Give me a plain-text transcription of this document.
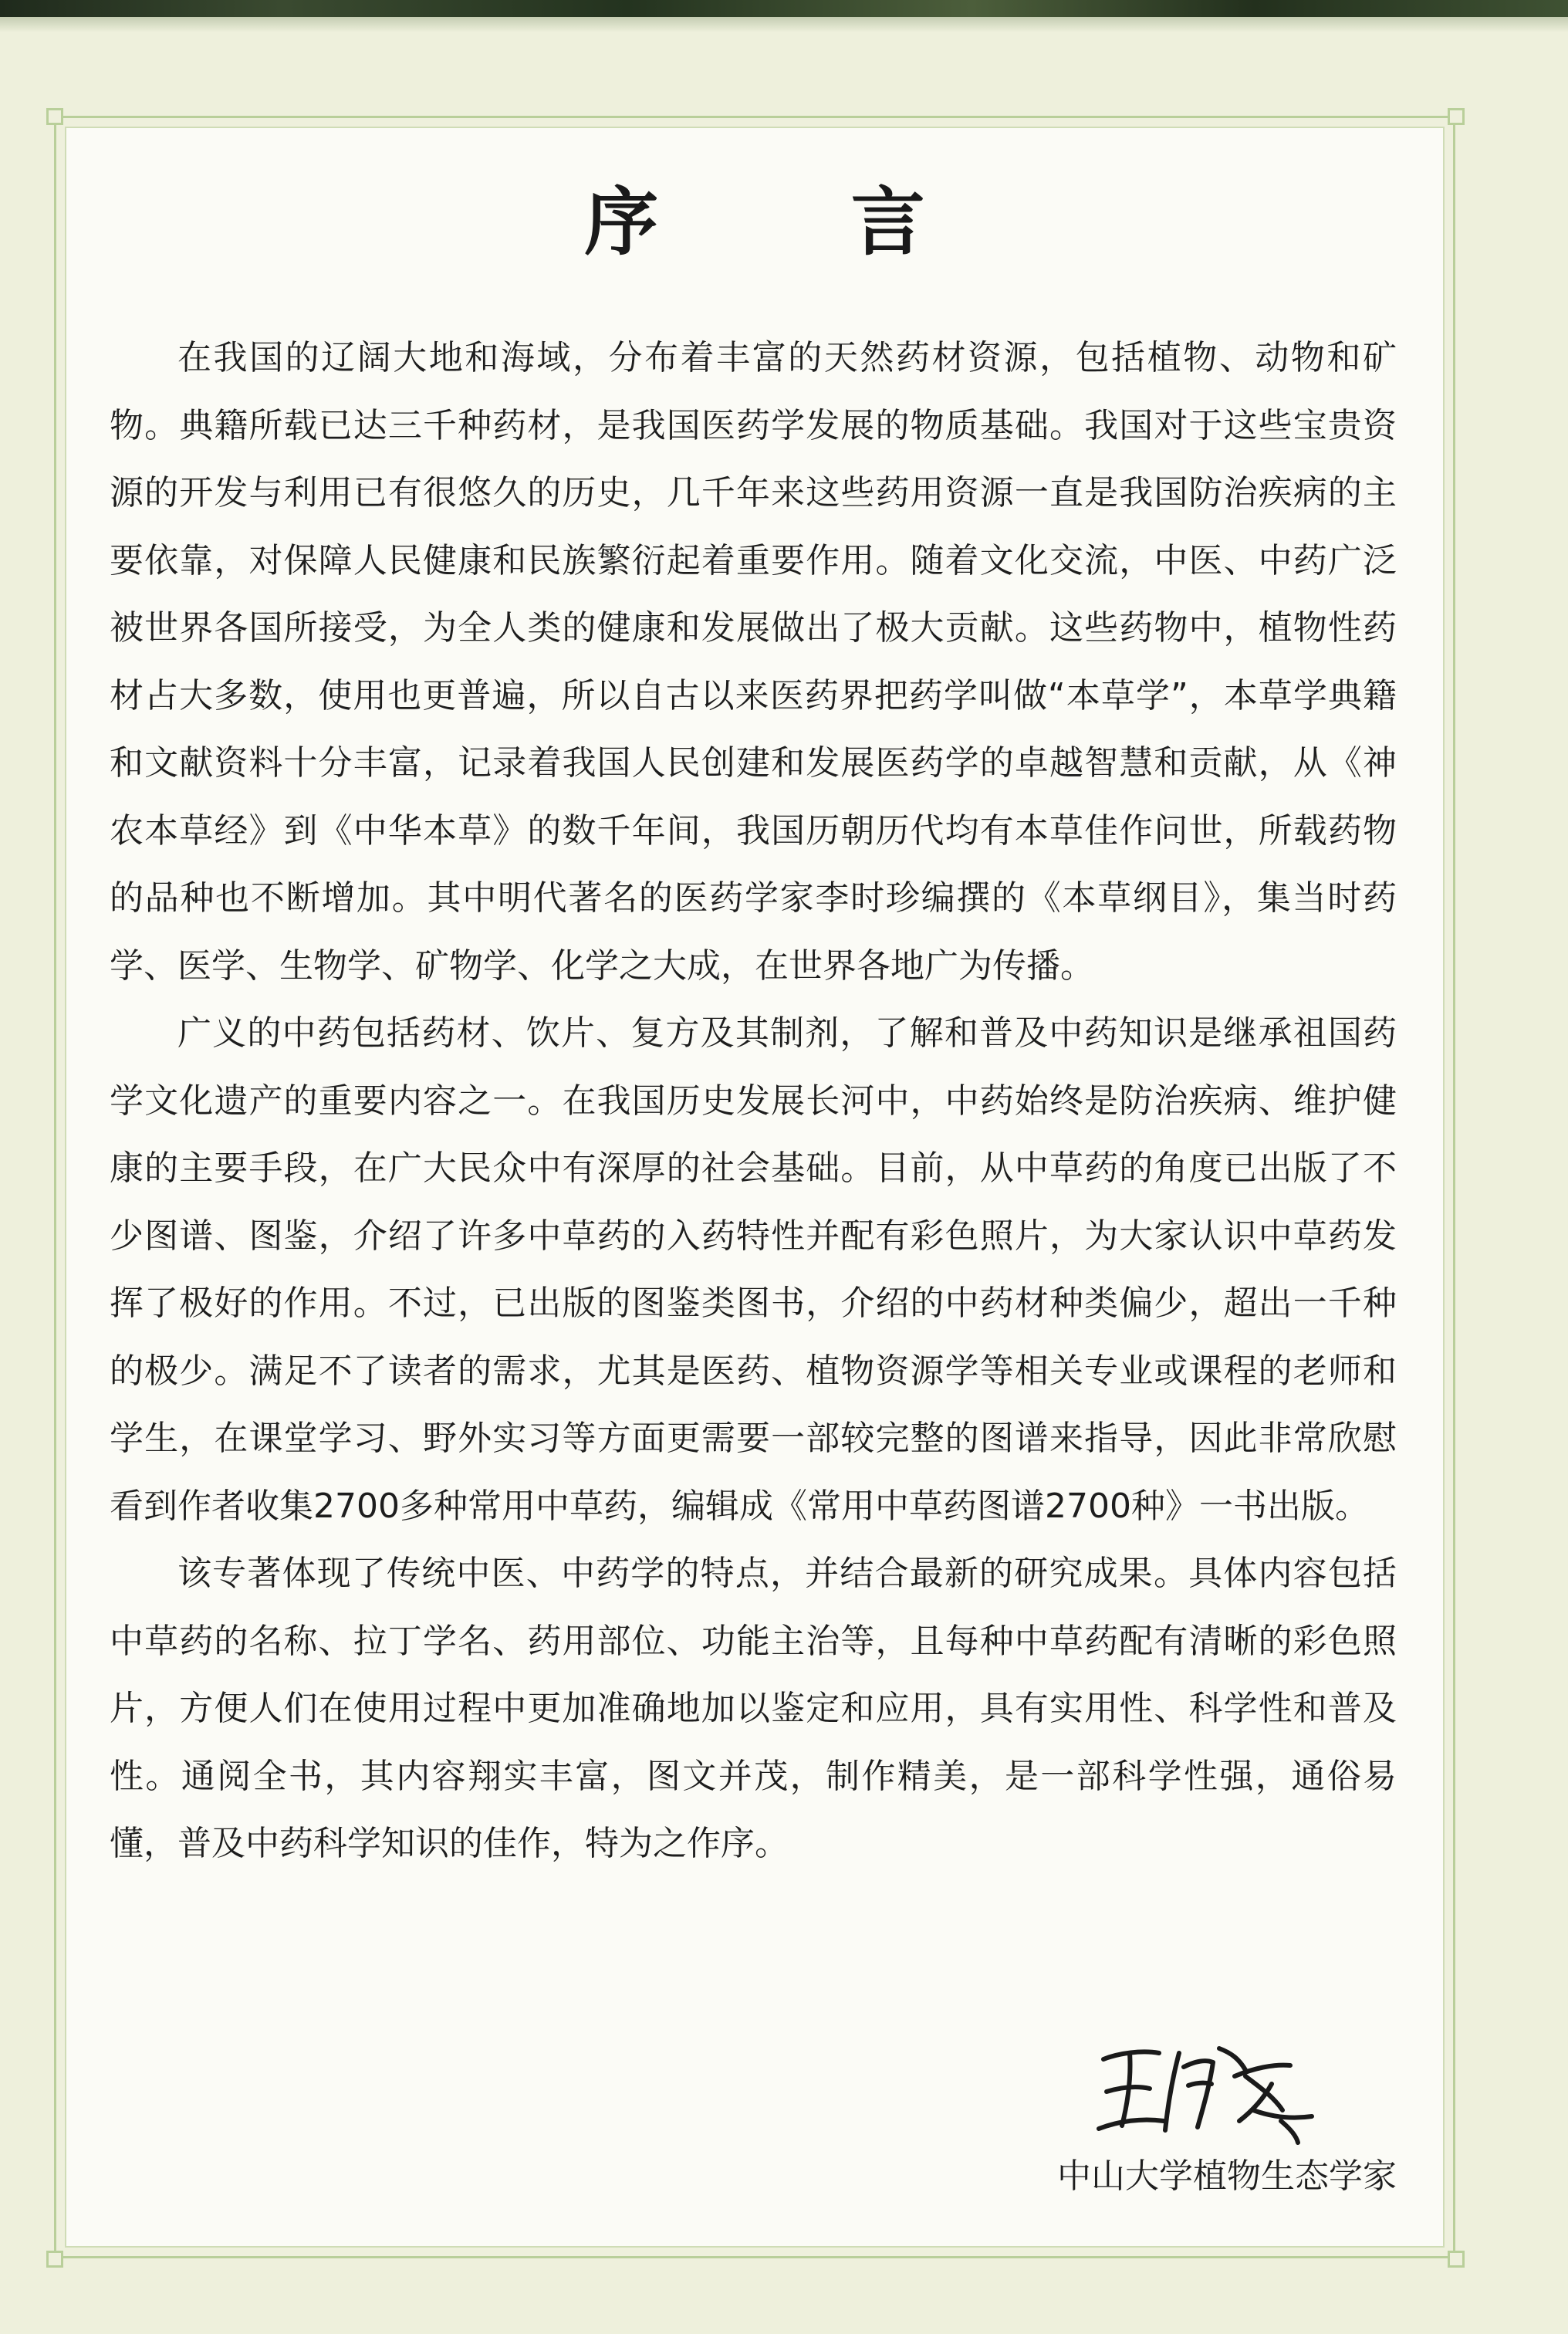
序 言

在我国的辽阔大地和海域，分布着丰富的天然药材资源，包括植物、动物和矿物。典籍所载已达三千种药材，是我国医药学发展的物质基础。我国对于这些宝贵资源的开发与利用已有很悠久的历史，几千年来这些药用资源一直是我国防治疾病的主要依靠，对保障人民健康和民族繁衍起着重要作用。随着文化交流，中医、中药广泛被世界各国所接受，为全人类的健康和发展做出了极大贡献。这些药物中，植物性药材占大多数，使用也更普遍，所以自古以来医药界把药学叫做“本草学”，本草学典籍和文献资料十分丰富，记录着我国人民创建和发展医药学的卓越智慧和贡献，从《神农本草经》到《中华本草》的数千年间，我国历朝历代均有本草佳作问世，所载药物的品种也不断增加。其中明代著名的医药学家李时珍编撰的《本草纲目》，集当时药学、医学、生物学、矿物学、化学之大成，在世界各地广为传播。

广义的中药包括药材、饮片、复方及其制剂，了解和普及中药知识是继承祖国药学文化遗产的重要内容之一。在我国历史发展长河中，中药始终是防治疾病、维护健康的主要手段，在广大民众中有深厚的社会基础。目前，从中草药的角度已出版了不少图谱、图鉴，介绍了许多中草药的入药特性并配有彩色照片，为大家认识中草药发挥了极好的作用。不过，已出版的图鉴类图书，介绍的中药材种类偏少，超出一千种的极少。满足不了读者的需求，尤其是医药、植物资源学等相关专业或课程的老师和学生，在课堂学习、野外实习等方面更需要一部较完整的图谱来指导，因此非常欣慰看到作者收集2700多种常用中草药，编辑成《常用中草药图谱2700种》一书出版。

该专著体现了传统中医、中药学的特点，并结合最新的研究成果。具体内容包括中草药的名称、拉丁学名、药用部位、功能主治等，且每种中草药配有清晰的彩色照片，方便人们在使用过程中更加准确地加以鉴定和应用，具有实用性、科学性和普及性。通阅全书，其内容翔实丰富，图文并茂，制作精美，是一部科学性强，通俗易懂，普及中药科学知识的佳作，特为之作序。

中山大学植物生态学家
